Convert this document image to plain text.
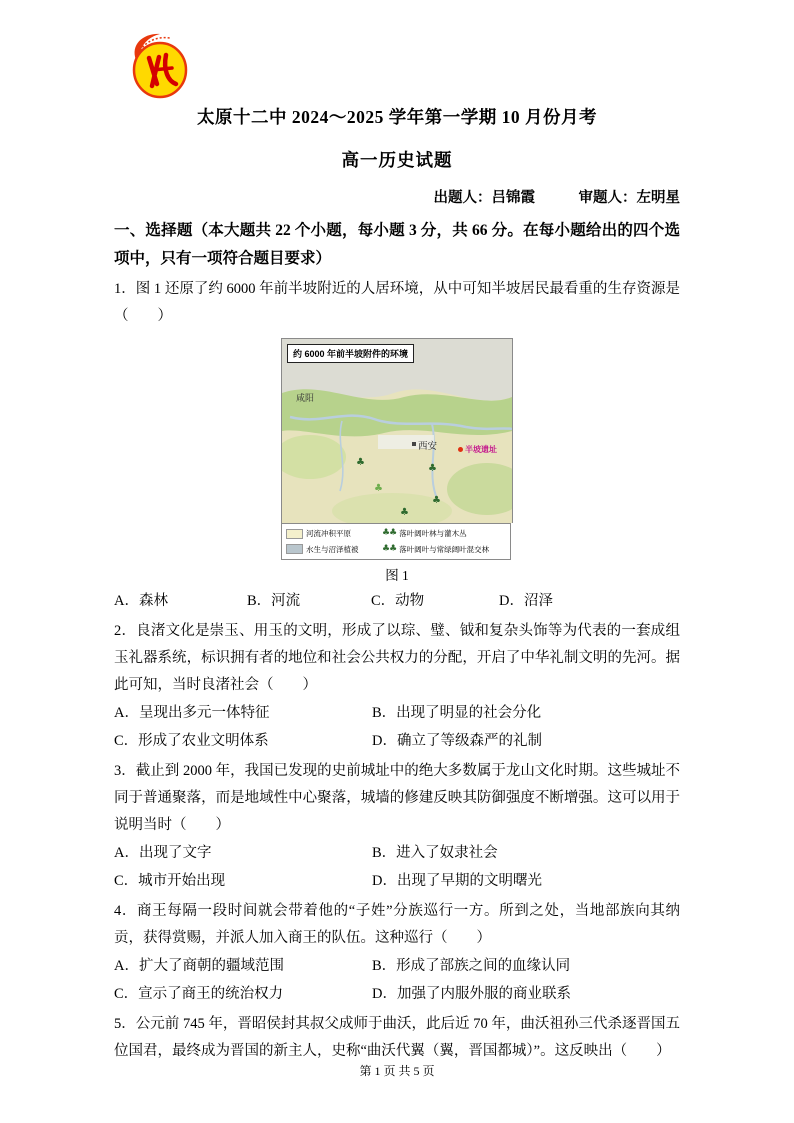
太原十二中 2024～2025 学年第一学期 10 月份月考
高一历史试题

出题人：吕锦霞　　　审题人：左明星

一、选择题（本大题共 22 个小题，每小题 3 分，共 66 分。在每小题给出的四个选项中，只有一项符合题目要求）

1．图 1 还原了约 6000 年前半坡附近的人居环境，从中可知半坡居民最看重的生存资源是（　　）

♣
♣
♣
♣
♣
约 6000 年前半坡附件的环境
咸阳
西安	半坡遗址
河流冲积平原	♣♣ 落叶阔叶林与灌木丛
水生与沼泽植被	♣♣ 落叶阔叶与常绿阔叶混交林

图 1

A．森林	B．河流	C．动物	D．沼泽

2．良渚文化是崇玉、用玉的文明，形成了以琮、璧、钺和复杂头饰等为代表的一套成组玉礼器系统，标识拥有者的地位和社会公共权力的分配，开启了中华礼制文明的先河。据此可知，当时良渚社会（　　）

A．呈现出多元一体特征	B．出现了明显的社会分化
C．形成了农业文明体系	D．确立了等级森严的礼制

3．截止到 2000 年，我国已发现的史前城址中的绝大多数属于龙山文化时期。这些城址不同于普通聚落，而是地域性中心聚落，城墙的修建反映其防御强度不断增强。这可以用于说明当时（　　）

A．出现了文字	B．进入了奴隶社会
C．城市开始出现	D．出现了早期的文明曙光

4．商王每隔一段时间就会带着他的“子姓”分族巡行一方。所到之处，当地部族向其纳贡，获得赏赐，并派人加入商王的队伍。这种巡行（　　）

A．扩大了商朝的疆域范围	B．形成了部族之间的血缘认同
C．宣示了商王的统治权力	D．加强了内服外服的商业联系

5．公元前 745 年，晋昭侯封其叔父成师于曲沃，此后近 70 年，曲沃祖孙三代杀逐晋国五位国君，最终成为晋国的新主人，史称“曲沃代翼（翼，晋国都城）”。这反映出（　　）

第 1 页 共 5 页
